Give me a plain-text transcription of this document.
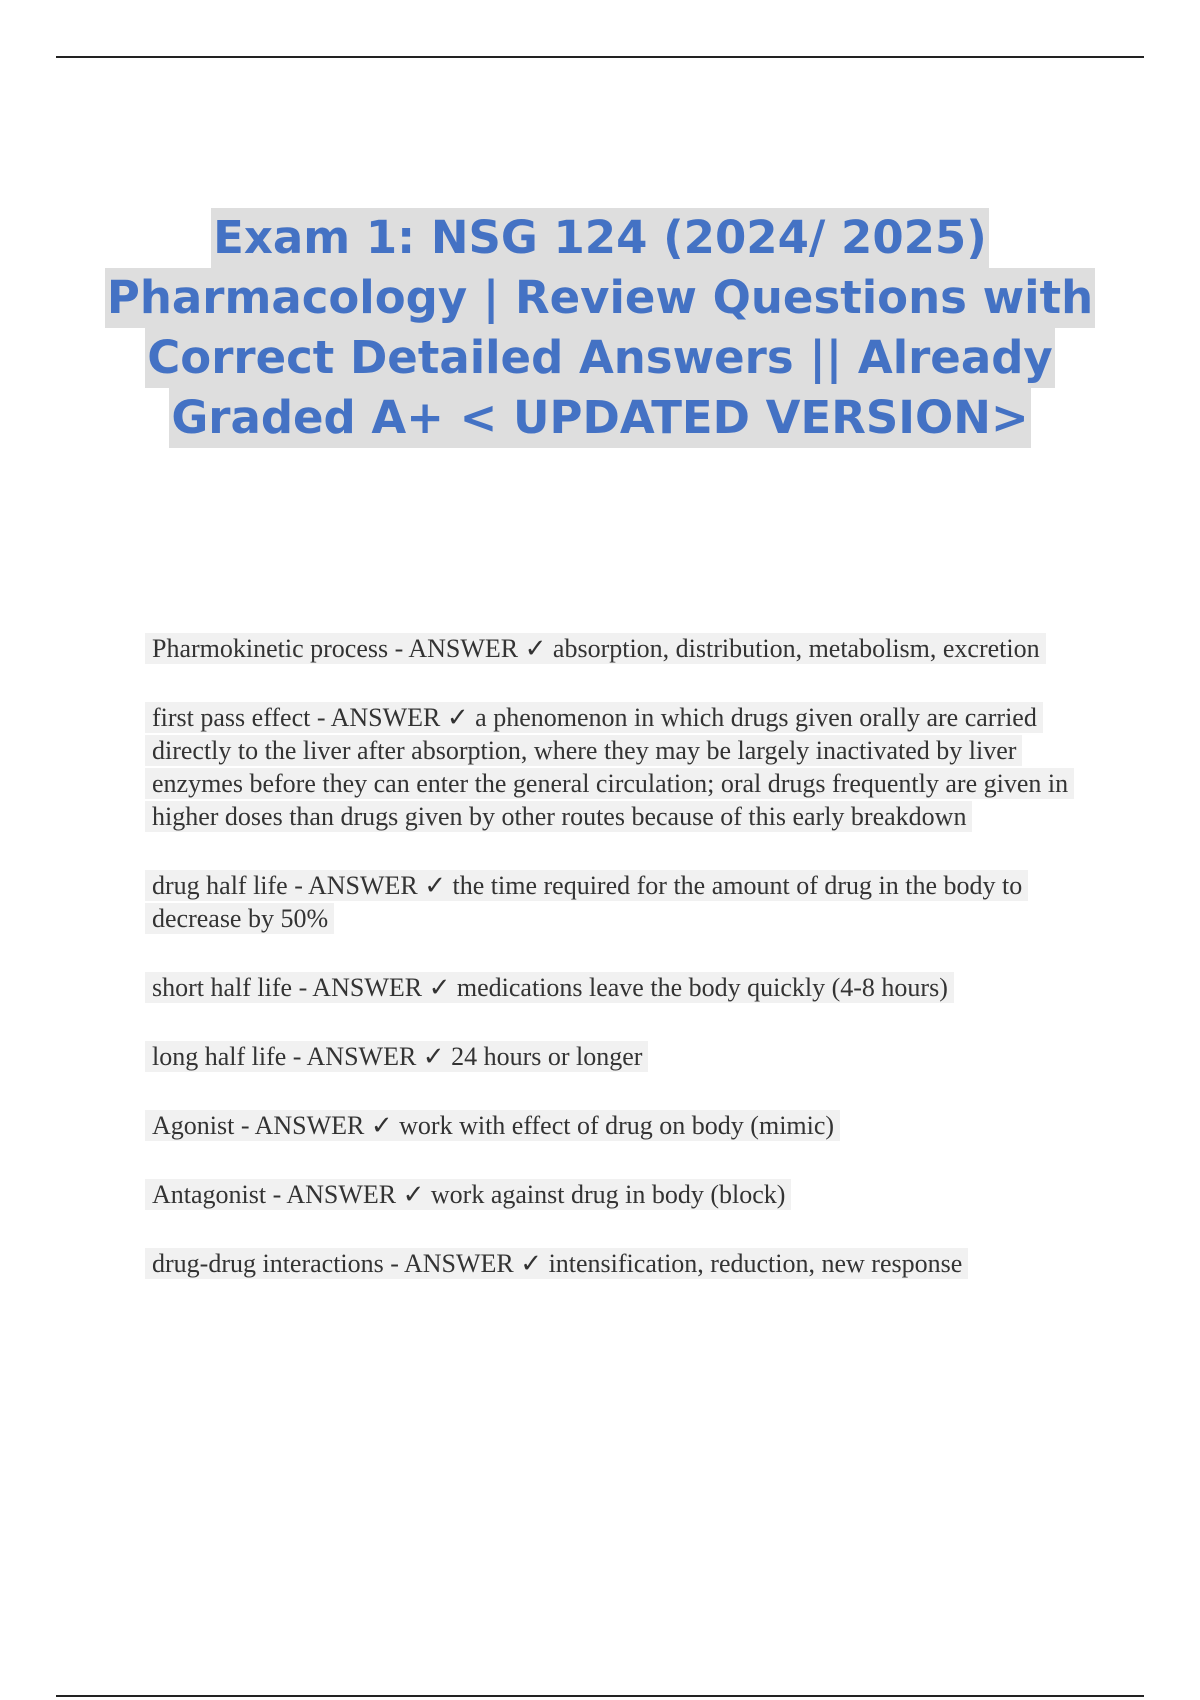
Exam 1: NSG 124 (2024/ 2025)
Pharmacology | Review Questions with
Correct Detailed Answers || Already
Graded A+ < UPDATED VERSION>
Pharmokinetic process - ANSWER ✓ absorption, distribution, metabolism, excretion
first pass effect - ANSWER ✓ a phenomenon in which drugs given orally are carried directly to the liver after absorption, where they may be largely inactivated by liver enzymes before they can enter the general circulation; oral drugs frequently are given in higher doses than drugs given by other routes because of this early breakdown
drug half life - ANSWER ✓ the time required for the amount of drug in the body to decrease by 50%
short half life - ANSWER ✓ medications leave the body quickly (4-8 hours)
long half life - ANSWER ✓ 24 hours or longer
Agonist - ANSWER ✓ work with effect of drug on body (mimic)
Antagonist - ANSWER ✓ work against drug in body (block)
drug-drug interactions - ANSWER ✓ intensification, reduction, new response
